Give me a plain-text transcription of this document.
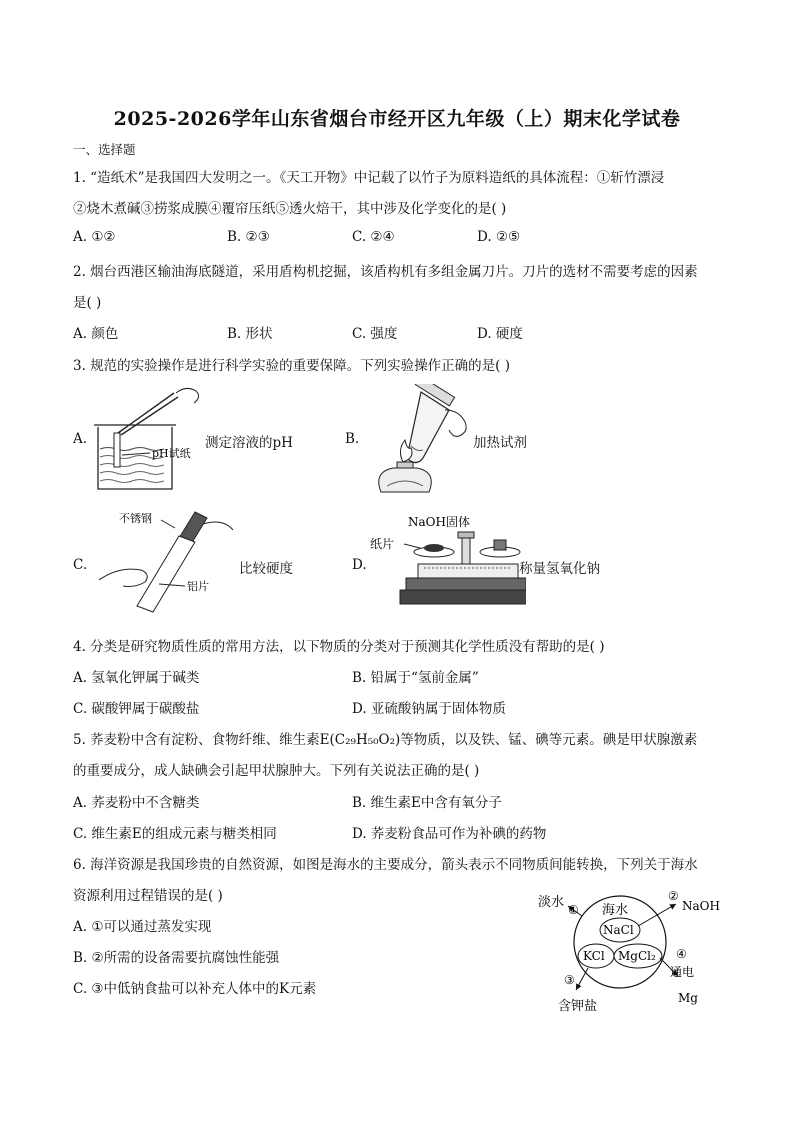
2025-2026学年山东省烟台市经开区九年级（上）期末化学试卷
一、选择题
1. “造纸术”是我国四大发明之一。《天工开物》中记载了以竹子为原料造纸的具体流程：①斩竹漂浸
②烧木煮碱③捞浆成膜④覆帘压纸⑤透火焙干，其中涉及化学变化的是( )
A. ①②	B. ②③	C. ②④	D. ②⑤
2. 烟台西港区输油海底隧道，采用盾构机挖掘，该盾构机有多组金属刀片。刀片的选材不需要考虑的因素
是( )
A. 颜色	B. 形状	C. 强度	D. 硬度
3. 规范的实验操作是进行科学实验的重要保障。下列实验操作正确的是( )
A.
pH试纸
测定溶液的pH	B.	加热试剂
C.
不锈钢
铝片
比较硬度	D.
NaOH固体
纸片
称量氢氧化钠
4. 分类是研究物质性质的常用方法，以下物质的分类对于预测其化学性质没有帮助的是( )
A. 氢氧化钾属于碱类	B. 铅属于“氢前金属”
C. 碳酸钾属于碳酸盐	D. 亚硫酸钠属于固体物质
5. 荞麦粉中含有淀粉、食物纤维、维生素E(C₂₉H₅₀O₂)等物质，以及铁、锰、碘等元素。碘是甲状腺激素
的重要成分，成人缺碘会引起甲状腺肿大。下列有关说法正确的是( )
A. 荞麦粉中不含糖类	B. 维生素E中含有氧分子
C. 维生素E的组成元素与糖类相同	D. 荞麦粉食品可作为补碘的药物
6. 海洋资源是我国珍贵的自然资源，如图是海水的主要成分，箭头表示不同物质间能转换，下列关于海水
资源利用过程错误的是( )
A. ①可以通过蒸发实现
B. ②所需的设备需要抗腐蚀性能强
C. ③中低钠食盐可以补充人体中的K元素
海水
NaCl
KCl MgCl₂
①
淡水	②
NaOH
③
含钾盐
④
通电
Mg
